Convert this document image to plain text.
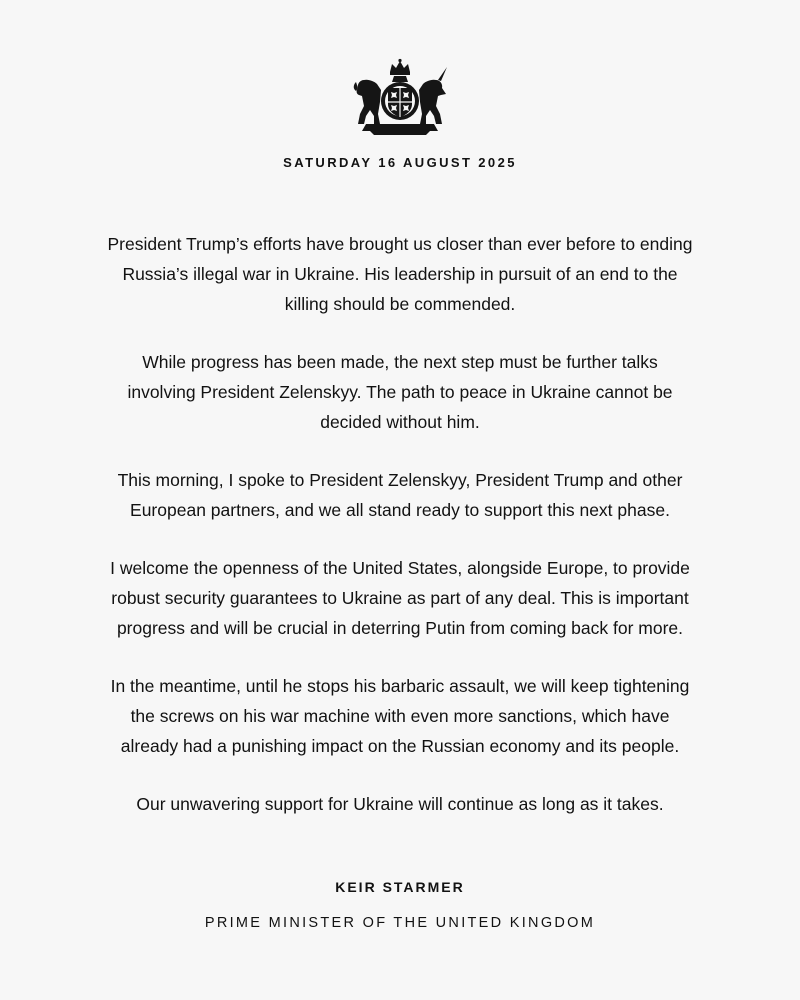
SATURDAY 16 AUGUST 2025

President Trump’s efforts have brought us closer than ever before to ending
Russia’s illegal war in Ukraine. His leadership in pursuit of an end to the
killing should be commended.

While progress has been made, the next step must be further talks
involving President Zelenskyy. The path to peace in Ukraine cannot be
decided without him.

This morning, I spoke to President Zelenskyy, President Trump and other
European partners, and we all stand ready to support this next phase.

I welcome the openness of the United States, alongside Europe, to provide
robust security guarantees to Ukraine as part of any deal. This is important
progress and will be crucial in deterring Putin from coming back for more.

In the meantime, until he stops his barbaric assault, we will keep tightening
the screws on his war machine with even more sanctions, which have
already had a punishing impact on the Russian economy and its people.

Our unwavering support for Ukraine will continue as long as it takes.

KEIR STARMER
PRIME MINISTER OF THE UNITED KINGDOM
